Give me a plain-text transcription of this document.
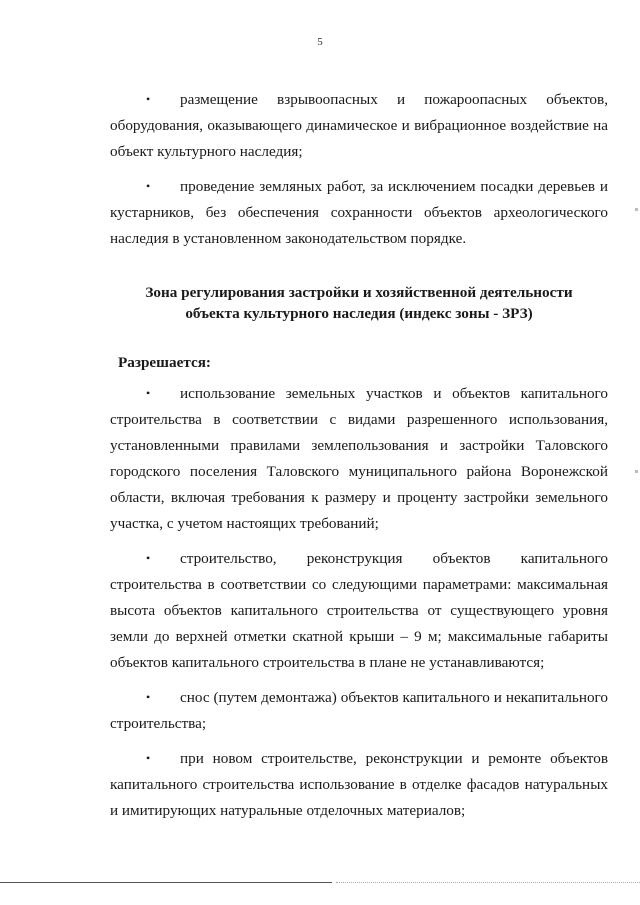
5

• размещение взрывоопасных и пожароопасных объектов, оборудования, оказывающего динамическое и вибрационное воздействие на объект культурного наследия;

• проведение земляных работ, за исключением посадки деревьев и кустарников, без обеспечения сохранности объектов археологического наследия в установленном законодательством порядке.

Зона регулирования застройки и хозяйственной деятельности
объекта культурного наследия (индекс зоны - ЗРЗ)
Разрешается:

• использование земельных участков и объектов капитального строительства в соответствии с видами разрешенного использования, установленными правилами землепользования и застройки Таловского городского поселения Таловского муниципального района Воронежской области, включая требования к размеру и проценту застройки земельного участка, с учетом настоящих требований;

• строительство, реконструкция объектов капитального строительства в соответствии со следующими параметрами: максимальная высота объектов капитального строительства от существующего уровня земли до верхней отметки скатной крыши – 9 м; максимальные габариты объектов капитального строительства в плане не устанавливаются;

• снос (путем демонтажа) объектов капитального и некапитального строительства;

• при новом строительстве, реконструкции и ремонте объектов капитального строительства использование в отделке фасадов натуральных и имитирующих натуральные отделочных материалов;
